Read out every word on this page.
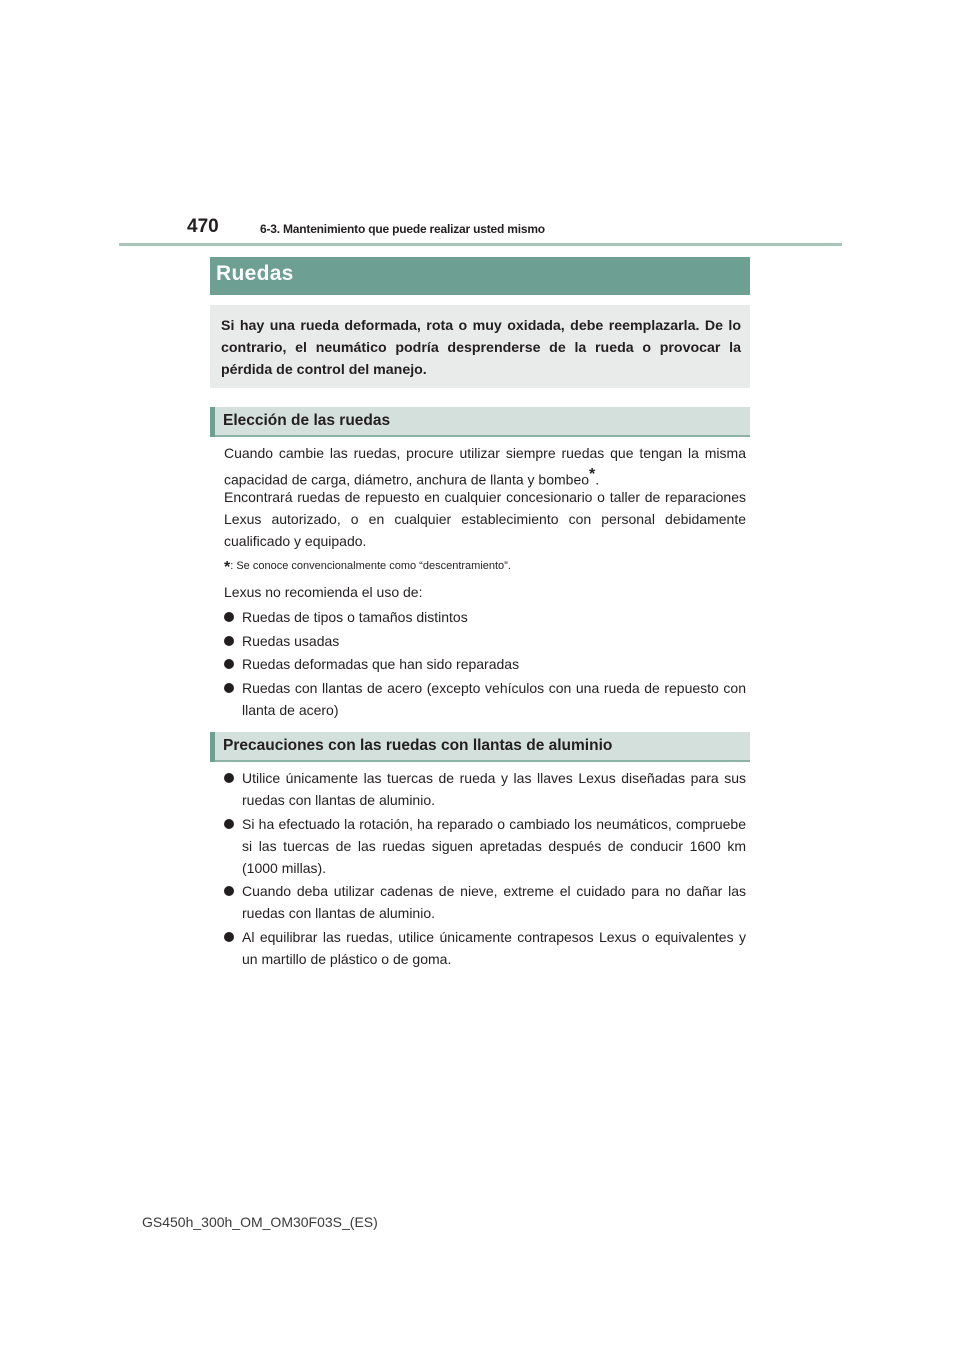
470	6-3. Mantenimiento que puede realizar usted mismo
Ruedas

Si hay una rueda deformada, rota o muy oxidada, debe reemplazarla. De lo contrario, el neumático podría desprenderse de la rueda o provocar la pérdida de control del manejo.

Elección de las ruedas

Cuando cambie las ruedas, procure utilizar siempre ruedas que tengan la misma capacidad de carga, diámetro, anchura de llanta y bombeo*.

Encontrará ruedas de repuesto en cualquier concesionario o taller de reparaciones Lexus autorizado, o en cualquier establecimiento con personal debidamente cualificado y equipado.

*: Se conoce convencionalmente como “descentramiento”.
Lexus no recomienda el uso de:
Ruedas de tipos o tamaños distintos
Ruedas usadas
Ruedas deformadas que han sido reparadas
Ruedas con llantas de acero (excepto vehículos con una rueda de repuesto con llanta de acero)
Precauciones con las ruedas con llantas de aluminio
Utilice únicamente las tuercas de rueda y las llaves Lexus diseñadas para sus ruedas con llantas de aluminio.
Si ha efectuado la rotación, ha reparado o cambiado los neumáticos, compruebe si las tuercas de las ruedas siguen apretadas después de conducir 1600 km (1000 millas).
Cuando deba utilizar cadenas de nieve, extreme el cuidado para no dañar las ruedas con llantas de aluminio.
Al equilibrar las ruedas, utilice únicamente contrapesos Lexus o equivalentes y un martillo de plástico o de goma.
GS450h_300h_OM_OM30F03S_(ES)
